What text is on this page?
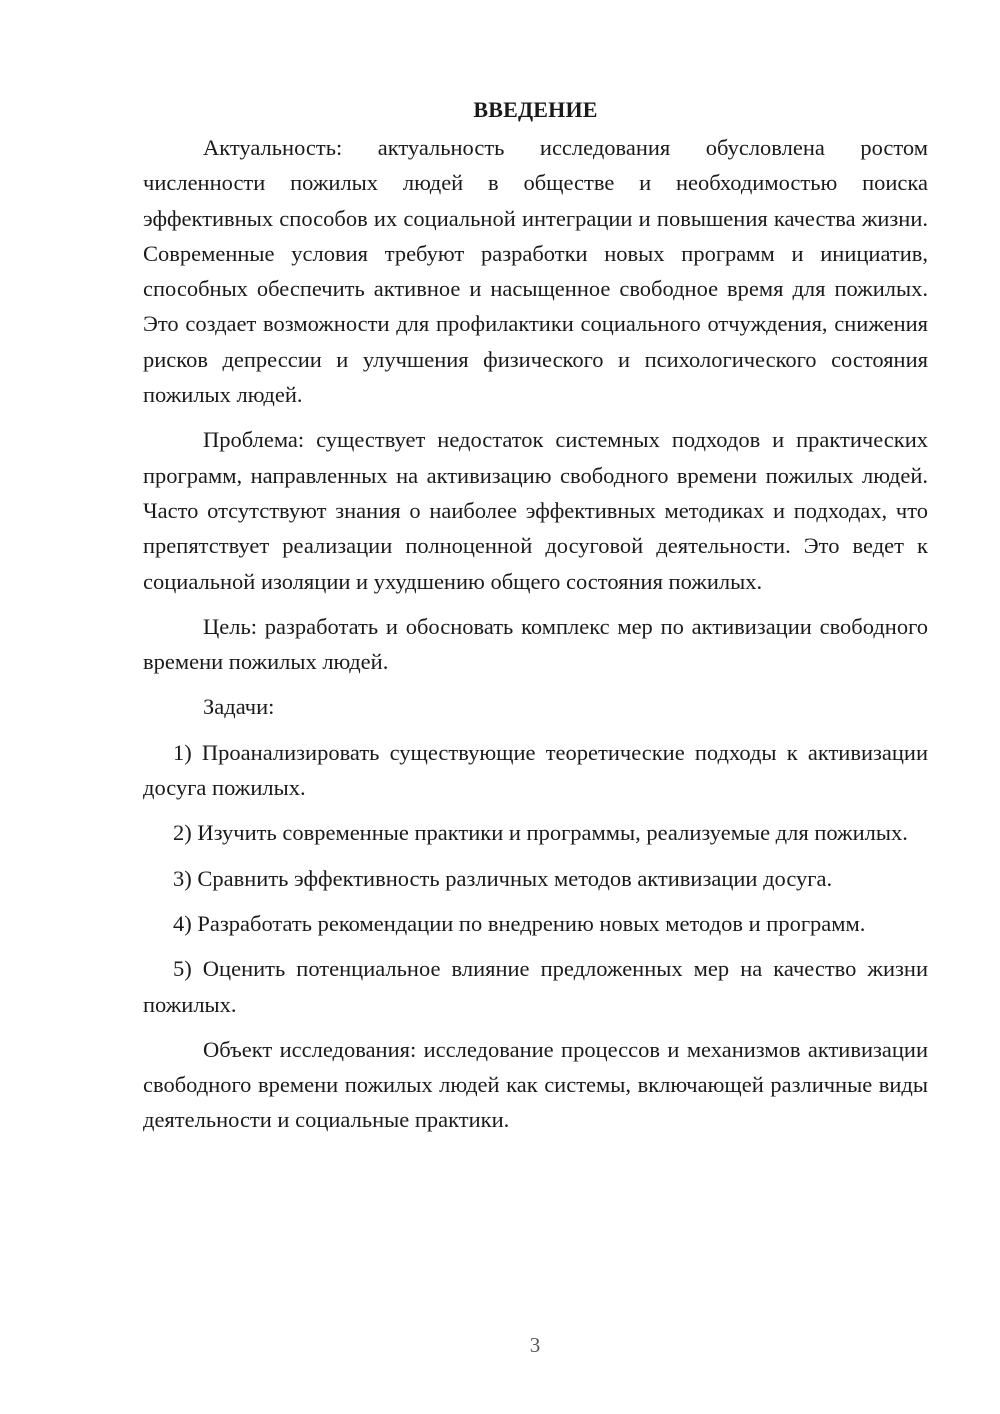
ВВЕДЕНИЕ

Актуальность: актуальность исследования обусловлена ростом численности пожилых людей в обществе и необходимостью поиска эффективных способов их социальной интеграции и повышения качества жизни. Современные условия требуют разработки новых программ и инициатив, способных обеспечить активное и насыщенное свободное время для пожилых. Это создает возможности для профилактики социального отчуждения, снижения рисков депрессии и улучшения физического и психологического состояния пожилых людей.

Проблема: существует недостаток системных подходов и практических программ, направленных на активизацию свободного времени пожилых людей. Часто отсутствуют знания о наиболее эффективных методиках и подходах, что препятствует реализации полноценной досуговой деятельности. Это ведет к социальной изоляции и ухудшению общего состояния пожилых.

Цель: разработать и обосновать комплекс мер по активизации свободного времени пожилых людей.

Задачи:

1) Проанализировать существующие теоретические подходы к активизации досуга пожилых.

2) Изучить современные практики и программы, реализуемые для пожилых.

3) Сравнить эффективность различных методов активизации досуга.

4) Разработать рекомендации по внедрению новых методов и программ.

5) Оценить потенциальное влияние предложенных мер на качество жизни пожилых.

Объект исследования: исследование процессов и механизмов активизации свободного времени пожилых людей как системы, включающей различные виды деятельности и социальные практики.

3
